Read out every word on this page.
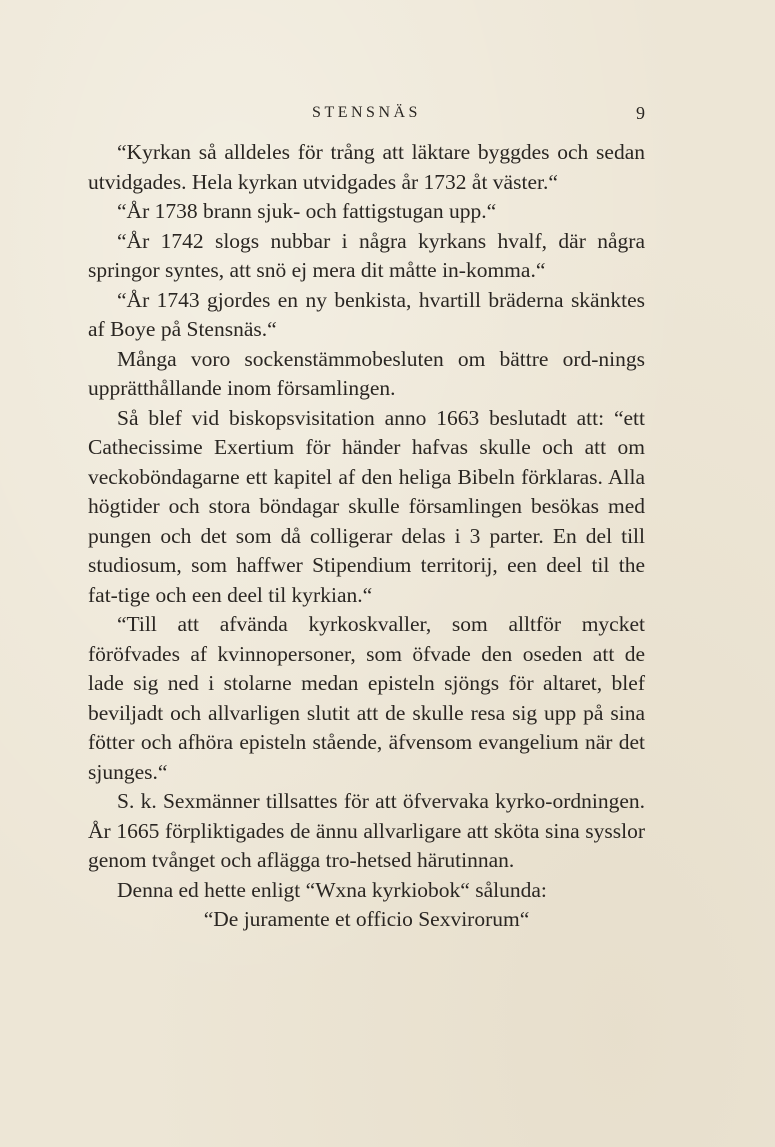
STENSNÄS	9

“Kyrkan så alldeles för trång att läktare byggdes och sedan utvidgades. Hela kyrkan utvidgades år 1732 åt väster.“

“År 1738 brann sjuk- och fattigstugan upp.“

“År 1742 slogs nubbar i några kyrkans hvalf, där några springor syntes, att snö ej mera dit måtte in-komma.“

“År 1743 gjordes en ny benkista, hvartill bräderna skänktes af Boye på Stensnäs.“

Många voro sockenstämmobesluten om bättre ord-nings upprätthållande inom församlingen.

Så blef vid biskopsvisitation anno 1663 beslutadt att: “ett Cathecissime Exertium för händer hafvas skulle och att om veckoböndagarne ett kapitel af den heliga Bibeln förklaras. Alla högtider och stora böndagar skulle församlingen besökas med pungen och det som då colligerar delas i 3 parter. En del till studiosum, som haffwer Stipendium territorij, een deel til the fat-tige och een deel til kyrkian.“

“Till att afvända kyrkoskvaller, som alltför mycket föröfvades af kvinnopersoner, som öfvade den oseden att de lade sig ned i stolarne medan episteln sjöngs för altaret, blef beviljadt och allvarligen slutit att de skulle resa sig upp på sina fötter och afhöra episteln stående, äfvensom evangelium när det sjunges.“

S. k. Sexmänner tillsattes för att öfvervaka kyrko-ordningen. År 1665 förpliktigades de ännu allvarligare att sköta sina sysslor genom tvånget och aflägga tro-hetsed härutinnan.

Denna ed hette enligt “Wxna kyrkiobok“ sålunda:

“De juramente et officio Sexvirorum“
